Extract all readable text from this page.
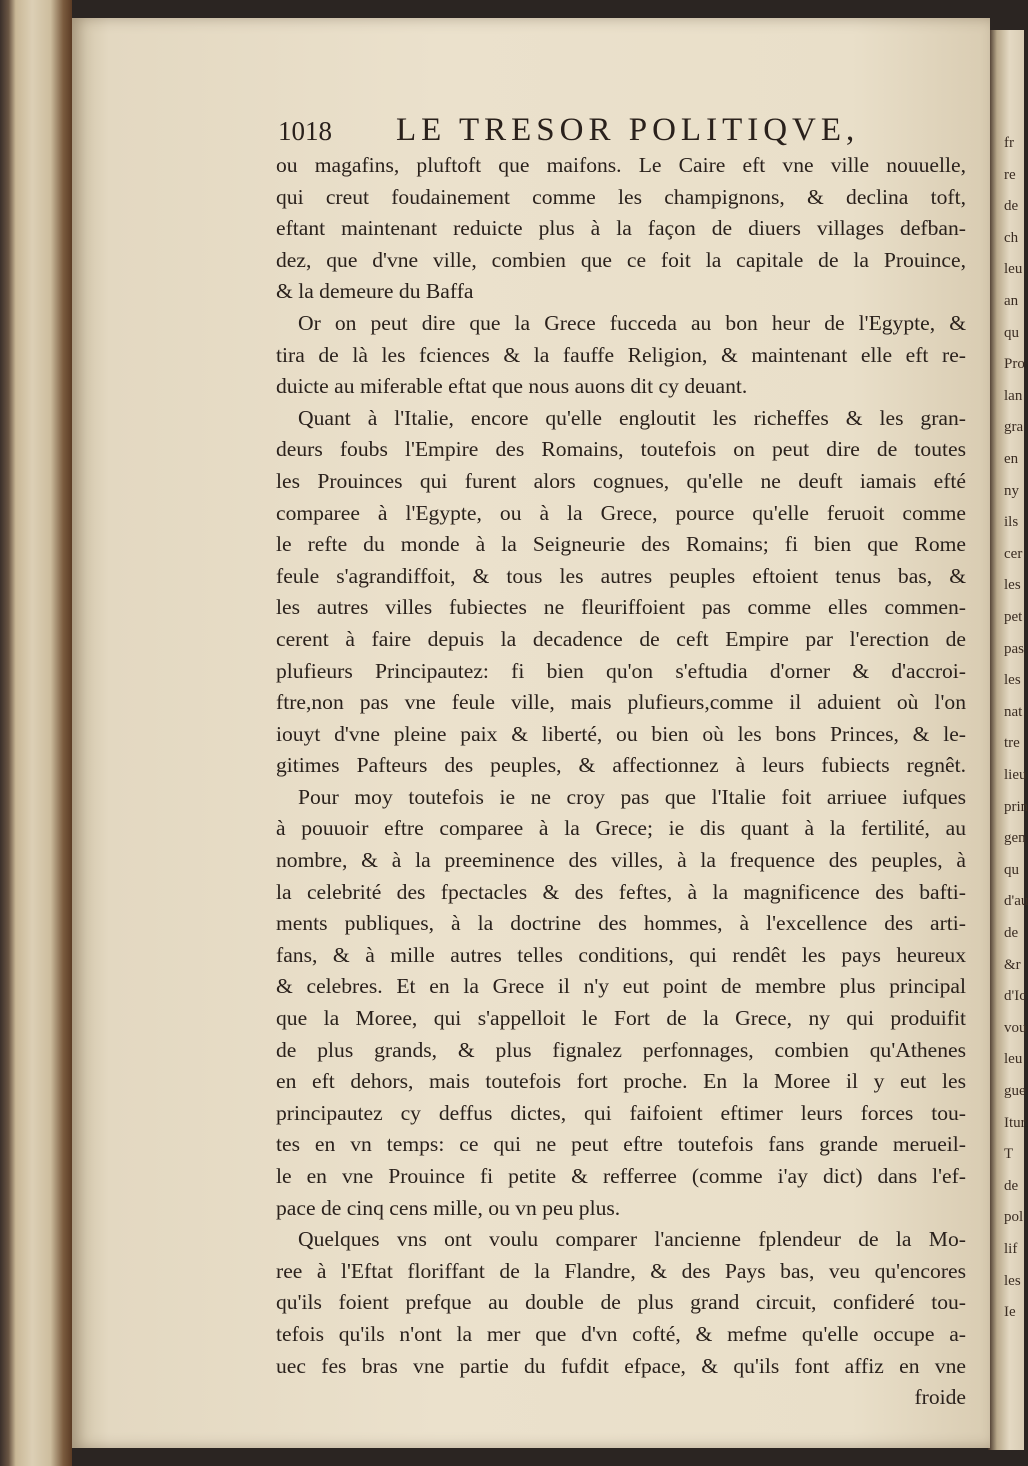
1018 LE TRESOR POLITIQVE,
ou magafins, pluftoft que maifons. Le Caire eft vne ville nouuelle,
qui creut foudainement comme les champignons, & declina toft,
eftant maintenant reduicte plus à la façon de diuers villages defban-
dez, que d'vne ville, combien que ce foit la capitale de la Prouince,
& la demeure du Baffa
Or on peut dire que la Grece fucceda au bon heur de l'Egypte, &
tira de là les fciences & la fauffe Religion, & maintenant elle eft re-
duicte au miferable eftat que nous auons dit cy deuant.
Quant à l'Italie, encore qu'elle engloutit les richeffes & les gran-
deurs foubs l'Empire des Romains, toutefois on peut dire de toutes
les Prouinces qui furent alors cognues, qu'elle ne deuft iamais efté
comparee à l'Egypte, ou à la Grece, pource qu'elle feruoit comme
le refte du monde à la Seigneurie des Romains; fi bien que Rome
feule s'agrandiffoit, & tous les autres peuples eftoient tenus bas, &
les autres villes fubiectes ne fleuriffoient pas comme elles commen-
cerent à faire depuis la decadence de ceft Empire par l'erection de
plufieurs Principautez: fi bien qu'on s'eftudia d'orner & d'accroi-
ftre,non pas vne feule ville, mais plufieurs,comme il aduient où l'on
iouyt d'vne pleine paix & liberté, ou bien où les bons Princes, & le-
gitimes Pafteurs des peuples, & affectionnez à leurs fubiects regnêt.
Pour moy toutefois ie ne croy pas que l'Italie foit arriuee iufques
à pouuoir eftre comparee à la Grece; ie dis quant à la fertilité, au
nombre, & à la preeminence des villes, à la frequence des peuples, à
la celebrité des fpectacles & des feftes, à la magnificence des bafti-
ments publiques, à la doctrine des hommes, à l'excellence des arti-
fans, & à mille autres telles conditions, qui rendêt les pays heureux
& celebres. Et en la Grece il n'y eut point de membre plus principal
que la Moree, qui s'appelloit le Fort de la Grece, ny qui produifit
de plus grands, & plus fignalez perfonnages, combien qu'Athenes
en eft dehors, mais toutefois fort proche. En la Moree il y eut les
principautez cy deffus dictes, qui faifoient eftimer leurs forces tou-
tes en vn temps: ce qui ne peut eftre toutefois fans grande merueil-
le en vne Prouince fi petite & refferree (comme i'ay dict) dans l'ef-
pace de cinq cens mille, ou vn peu plus.
Quelques vns ont voulu comparer l'ancienne fplendeur de la Mo-
ree à l'Eftat floriffant de la Flandre, & des Pays bas, veu qu'encores
qu'ils foient prefque au double de plus grand circuit, confideré tou-
tefois qu'ils n'ont la mer que d'vn cofté, & mefme qu'elle occupe a-
uec fes bras vne partie du fufdit efpace, & qu'ils font affiz en vne
froide
fr
re
de
ch
leu
an
qu
Pro
lan
gra
en
ny
ils
cer
les
pet
pas
les
nat
tre
lieu
prin
gen
qu
d'au
de
&r
d'Ic
vou
leu
gue
Itur
T
de
pol
lif
les
Ie
